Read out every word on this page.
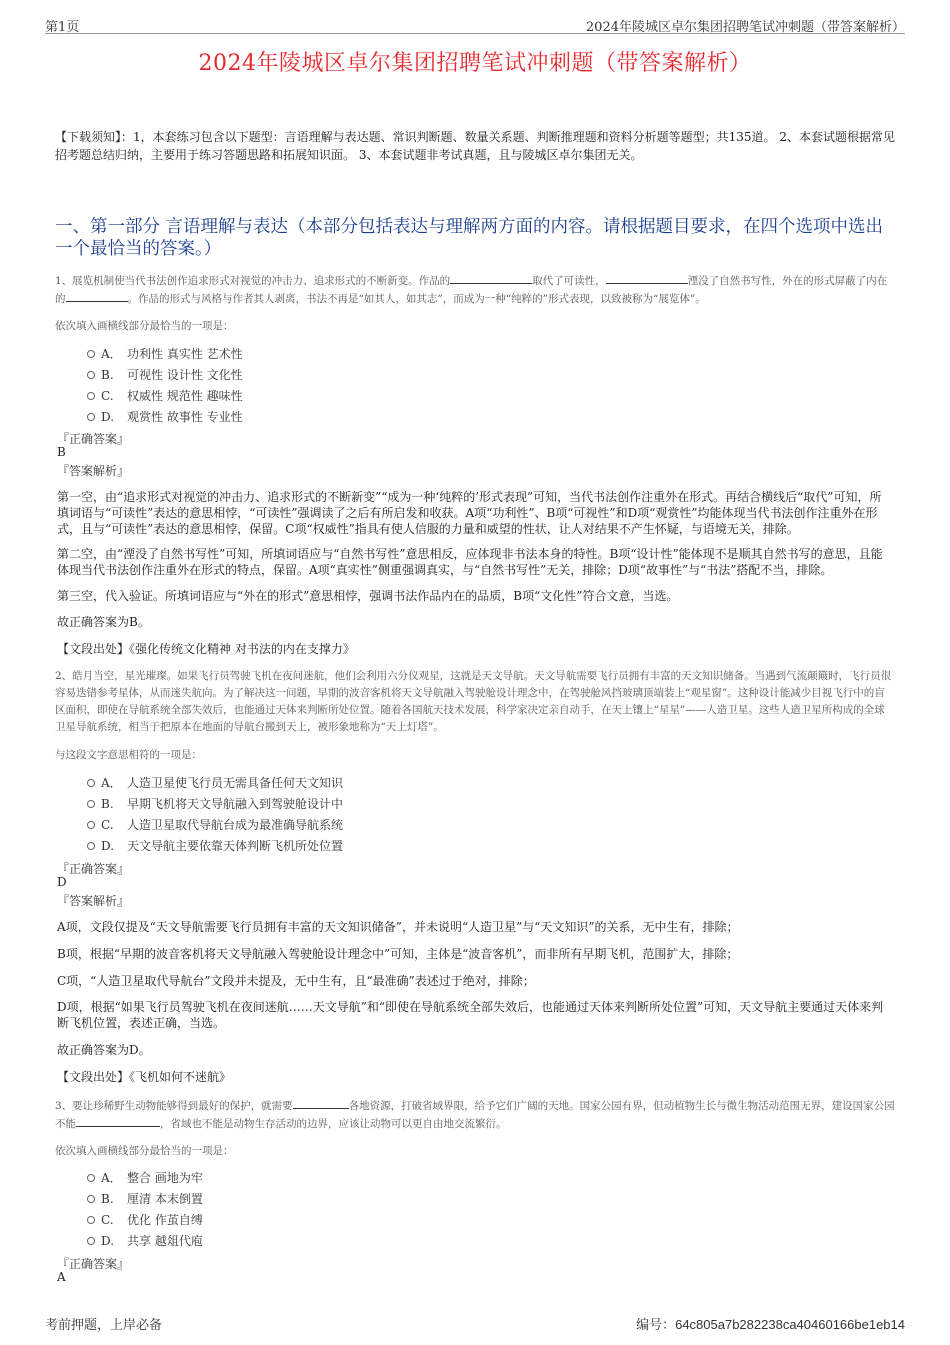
第1页	2024年陵城区卓尔集团招聘笔试冲刺题（带答案解析）
2024年陵城区卓尔集团招聘笔试冲刺题（带答案解析）
【下载须知】：1，本套练习包含以下题型：言语理解与表达题、常识判断题、数量关系题、判断推理题和资料分析题等题型；共135道。 2、本套试题根据常见招考题总结归纳，主要用于练习答题思路和拓展知识面。 3、本套试题非考试真题，且与陵城区卓尔集团无关。
一、第一部分 言语理解与表达（本部分包括表达与理解两方面的内容。请根据题目要求，在四个选项中选出一个最恰当的答案。）
1、展览机制使当代书法创作追求形式对视觉的冲击力、追求形式的不断新变。作品的	取代了可读性，	湮没了自然书写性，外在的形式屏蔽了内在的	。作品的形式与风格与作者其人剥离，书法不再是“如其人，如其志”，而成为一种“纯粹的”形式表现，以致被称为“展览体”。
依次填入画横线部分最恰当的一项是：
A． 功利性 真实性 艺术性
B.	可视性 设计性 文化性
C.	权威性 规范性 趣味性
D.	观赏性 故事性 专业性
『正确答案』
B
『答案解析』
第一空，由“追求形式对视觉的冲击力、追求形式的不断新变”“成为一种‘纯粹的’形式表现”可知，当代书法创作注重外在形式。再结合横线后“取代”可知，所填词语与“可读性”表达的意思相悖，“可读性”强调读了之后有所启发和收获。A项“功利性”、B项“可视性”和D项“观赏性”均能体现当代书法创作注重外在形式，且与“可读性”表达的意思相悖，保留。C项“权威性”指具有使人信服的力量和威望的性状，让人对结果不产生怀疑，与语境无关，排除。
第二空，由“湮没了自然书写性”可知，所填词语应与“自然书写性”意思相反，应体现非书法本身的特性。B项“设计性”能体现不是顺其自然书写的意思，且能体现当代书法创作注重外在形式的特点，保留。A项“真实性”侧重强调真实，与“自然书写性”无关，排除；D项“故事性”与“书法”搭配不当，排除。
第三空，代入验证。所填词语应与“外在的形式”意思相悖，强调书法作品内在的品质，B项“文化性”符合文意，当选。
故正确答案为B。
【文段出处】《强化传统文化精神 对书法的内在支撑力》
2、皓月当空，星光璀璨。如果飞行员驾驶飞机在夜间迷航，他们会利用六分仪观星，这就是天文导航。天文导航需要飞行员拥有丰富的天文知识储备。当遇到气流颠簸时，飞行员很容易迭错参考星体，从而迷失航向。为了解决这一问题，早期的波音客机将天文导航融入驾驶舱设计理念中，在驾驶舱风挡玻璃顶端装上“观星窗”。这种设计能减少目视飞行中的盲区面积，即使在导航系统全部失效后，也能通过天体来判断所处位置。随着各国航天技术发展，科学家决定亲自动手，在天上镶上“星星”——人造卫星。这些人造卫星所构成的全球卫星导航系统，相当于把原本在地面的导航台搬到天上，被形象地称为“天上灯塔”。
与这段文字意思相符的一项是：
A． 人造卫星使飞行员无需具备任何天文知识
B.	早期飞机将天文导航融入到驾驶舱设计中
C.	人造卫星取代导航台成为最准确导航系统
D.	天文导航主要依靠天体判断飞机所处位置
『正确答案』
D
『答案解析』
A项，文段仅提及“天文导航需要飞行员拥有丰富的天文知识储备”，并未说明“人造卫星”与“天文知识”的关系，无中生有，排除；
B项，根据“早期的波音客机将天文导航融入驾驶舱设计理念中”可知，主体是“波音客机”，而非所有早期飞机，范围扩大，排除；
C项，“人造卫星取代导航台”文段并未提及，无中生有，且“最准确”表述过于绝对，排除；
D项，根据“如果飞行员驾驶飞机在夜间迷航……天文导航”和“即使在导航系统全部失效后，也能通过天体来判断所处位置”可知，天文导航主要通过天体来判断飞机位置，表述正确，当选。
故正确答案为D。
【文段出处】《飞机如何不迷航》
3、要让珍稀野生动物能够得到最好的保护，就需要	各地资源，打破省域界限，给予它们广阔的天地。国家公园有界，但动植物生长与微生物活动范围无界，建设国家公园不能	，省域也不能是动物生存活动的边界，应该让动物可以更自由地交流繁衍。
依次填入画横线部分最恰当的一项是：
A． 整合 画地为牢
B.	厘清 本末倒置
C.	优化 作茧自缚
D.	共享 越俎代庖
『正确答案』
A
考前押题，上岸必备	编号：64c805a7b282238ca40460166be1eb14
